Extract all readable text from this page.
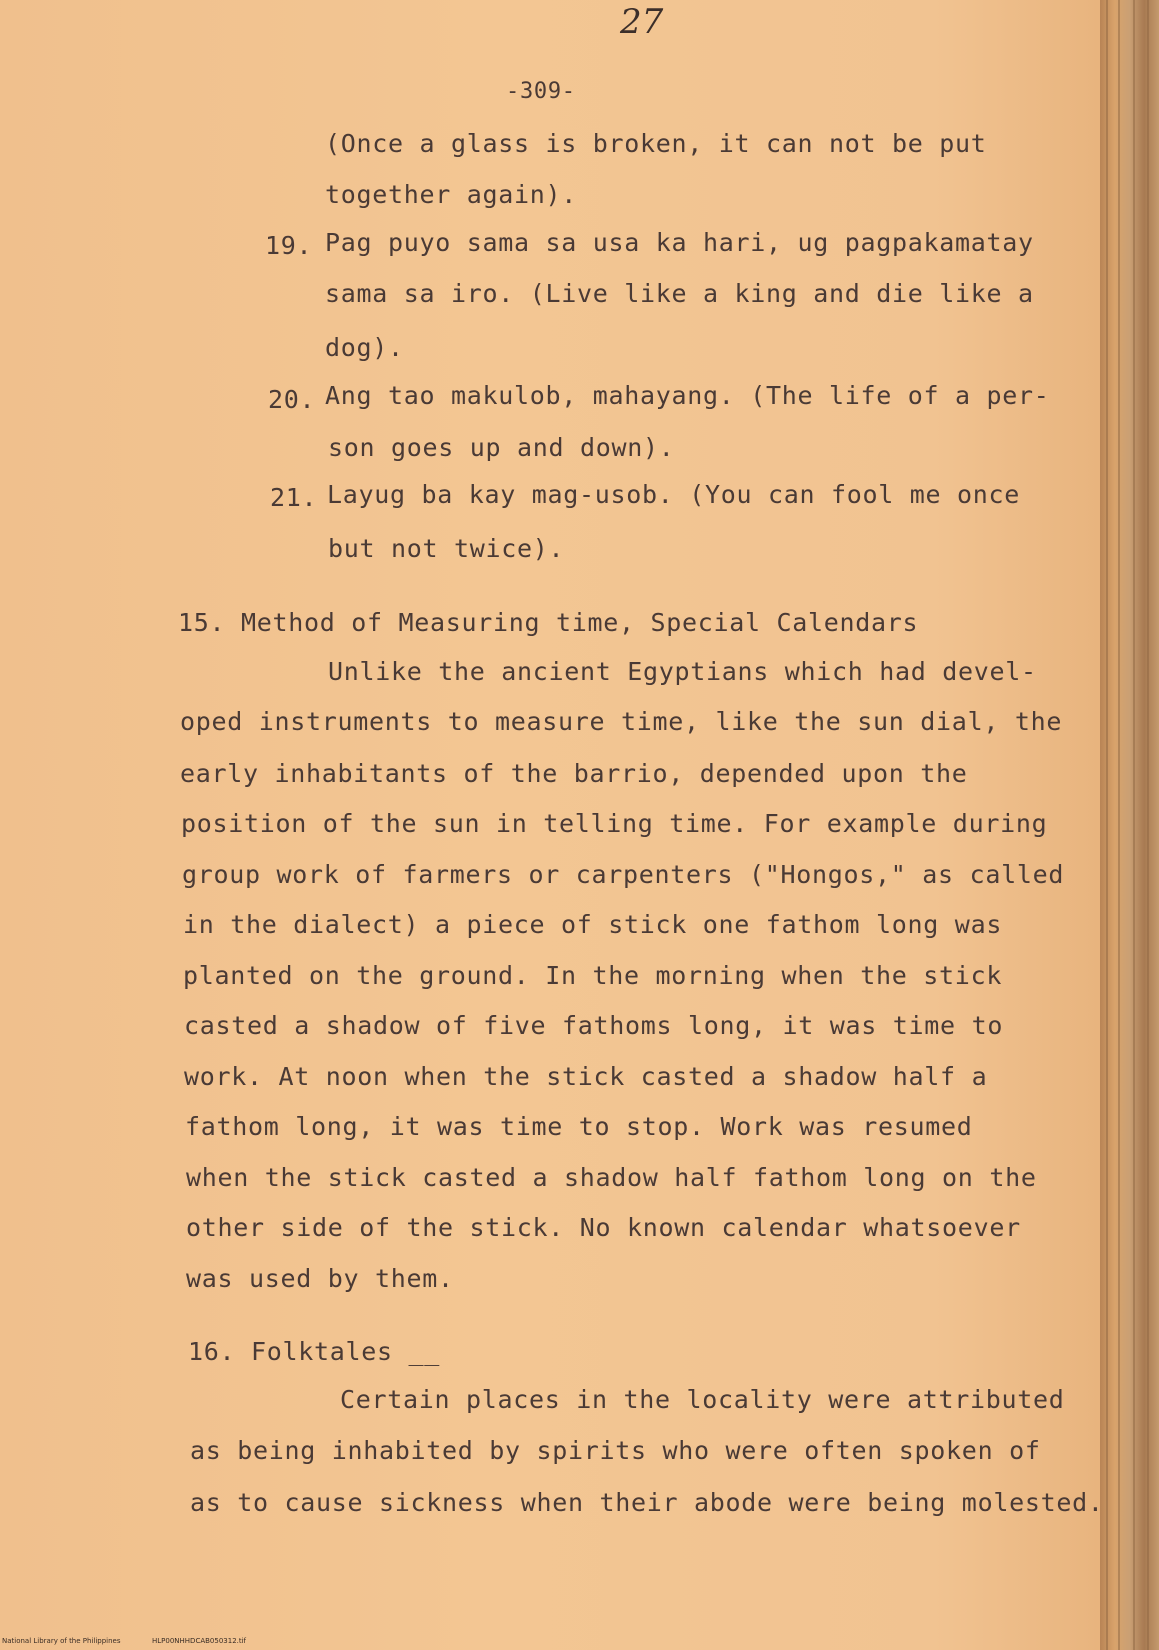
27
-309-
(Once a glass is broken, it can not be put
together again).
19. Pag puyo sama sa usa ka hari, ug pagpakamatay
sama sa iro. (Live like a king and die like a
dog).
20. Ang tao makulob, mahayang. (The life of a per-
son goes up and down).
21. Layug ba kay mag-usob. (You can fool me once
but not twice).
15. Method of Measuring time, Special Calendars
Unlike the ancient Egyptians which had devel-
oped instruments to measure time, like the sun dial, the
early inhabitants of the barrio, depended upon the
position of the sun in telling time. For example during
group work of farmers or carpenters ("Hongos," as called
in the dialect) a piece of stick one fathom long was
planted on the ground. In the morning when the stick
casted a shadow of five fathoms long, it was time to
work. At noon when the stick casted a shadow half a
fathom long, it was time to stop. Work was resumed
when the stick casted a shadow half fathom long on the
other side of the stick. No known calendar whatsoever
was used by them.
16. Folktales __
Certain places in the locality were attributed
as being inhabited by spirits who were often spoken of
as to cause sickness when their abode were being molested.
National Library of the Philippines	HLP00NHHDCAB050312.tif
